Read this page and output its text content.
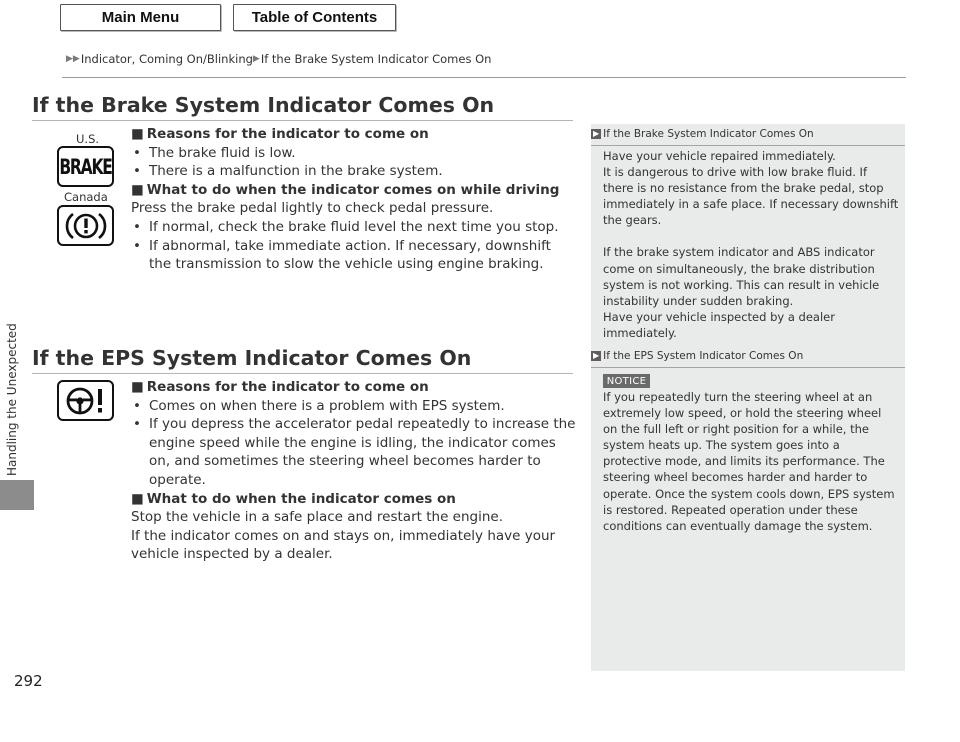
Main Menu	Table of Contents
▶▶ Indicator, Coming On/Blinking ▶ If the Brake System Indicator Comes On
Handling the Unexpected
292
If the Brake System Indicator Comes On
U.S.
BRAKE
Canada
■ Reasons for the indicator to come on
• The brake fluid is low.
• There is a malfunction in the brake system.
■ What to do when the indicator comes on while driving

Press the brake pedal lightly to check pedal pressure.

• If normal, check the brake fluid level the next time you stop.
• If abnormal, take immediate action. If necessary, downshift the transmission to slow the vehicle using engine braking.
If the EPS System Indicator Comes On
■ Reasons for the indicator to come on
• Comes on when there is a problem with EPS system.
• If you depress the accelerator pedal repeatedly to increase the engine speed while the engine is idling, the indicator comes on, and sometimes the steering wheel becomes harder to operate.
■ What to do when the indicator comes on

Stop the vehicle in a safe place and restart the engine.

If the indicator comes on and stays on, immediately have your vehicle inspected by a dealer.

▶ If the Brake System Indicator Comes On

Have your vehicle repaired immediately.

It is dangerous to drive with low brake fluid. If there is no resistance from the brake pedal, stop immediately in a safe place. If necessary downshift the gears.

If the brake system indicator and ABS indicator come on simultaneously, the brake distribution system is not working. This can result in vehicle instability under sudden braking.

Have your vehicle inspected by a dealer immediately.

▶ If the EPS System Indicator Comes On
NOTICE

If you repeatedly turn the steering wheel at an extremely low speed, or hold the steering wheel on the full left or right position for a while, the system heats up. The system goes into a protective mode, and limits its performance. The steering wheel becomes harder and harder to operate. Once the system cools down, EPS system is restored. Repeated operation under these conditions can eventually damage the system.
